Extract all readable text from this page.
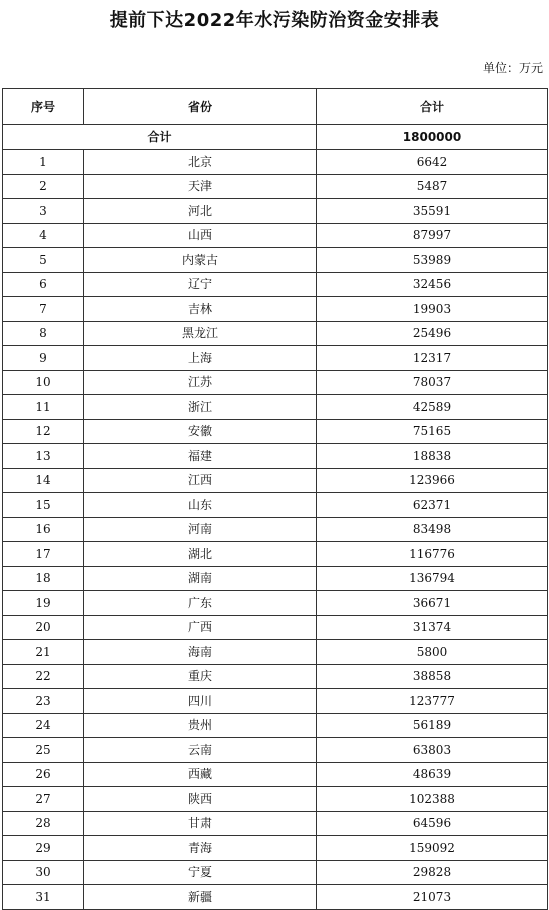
提前下达2022年水污染防治资金安排表
单位：万元
序号	省份	合计
合计		1800000
1	北京	6642
2	天津	5487
3	河北	35591
4	山西	87997
5	内蒙古	53989
6	辽宁	32456
7	吉林	19903
8	黑龙江	25496
9	上海	12317
10	江苏	78037
11	浙江	42589
12	安徽	75165
13	福建	18838
14	江西	123966
15	山东	62371
16	河南	83498
17	湖北	116776
18	湖南	136794
19	广东	36671
20	广西	31374
21	海南	5800
22	重庆	38858
23	四川	123777
24	贵州	56189
25	云南	63803
26	西藏	48639
27	陕西	102388
28	甘肃	64596
29	青海	159092
30	宁夏	29828
31	新疆	21073
